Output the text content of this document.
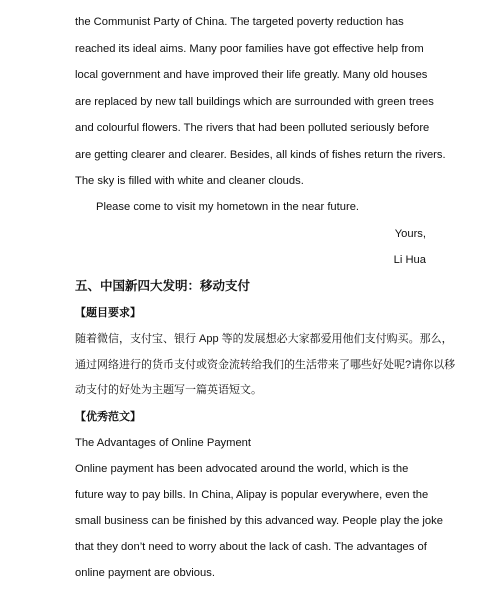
the Communist Party of China. The targeted poverty reduction has
reached its ideal aims. Many poor families have got effective help from
local government and have improved their life greatly. Many old houses
are replaced by new tall buildings which are surrounded with green trees
and colourful flowers. The rivers that had been polluted seriously before
are getting clearer and clearer. Besides, all kinds of fishes return the rivers.
The sky is filled with white and cleaner clouds.
Please come to visit my hometown in the near future.
Yours,
Li Hua
五、中国新四大发明：移动支付
【题目要求】
随着微信，支付宝、银行 App 等的发展想必大家都爱用他们支付购买。那么，
通过网络进行的货币支付或资金流转给我们的生活带来了哪些好处呢?请你以移
动支付的好处为主题写一篇英语短文。
【优秀范文】
The Advantages of Online Payment
Online payment has been advocated around the world, which is the
future way to pay bills. In China, Alipay is popular everywhere, even the
small business can be finished by this advanced way. People play the joke
that they don’t need to worry about the lack of cash. The advantages of
online payment are obvious.
